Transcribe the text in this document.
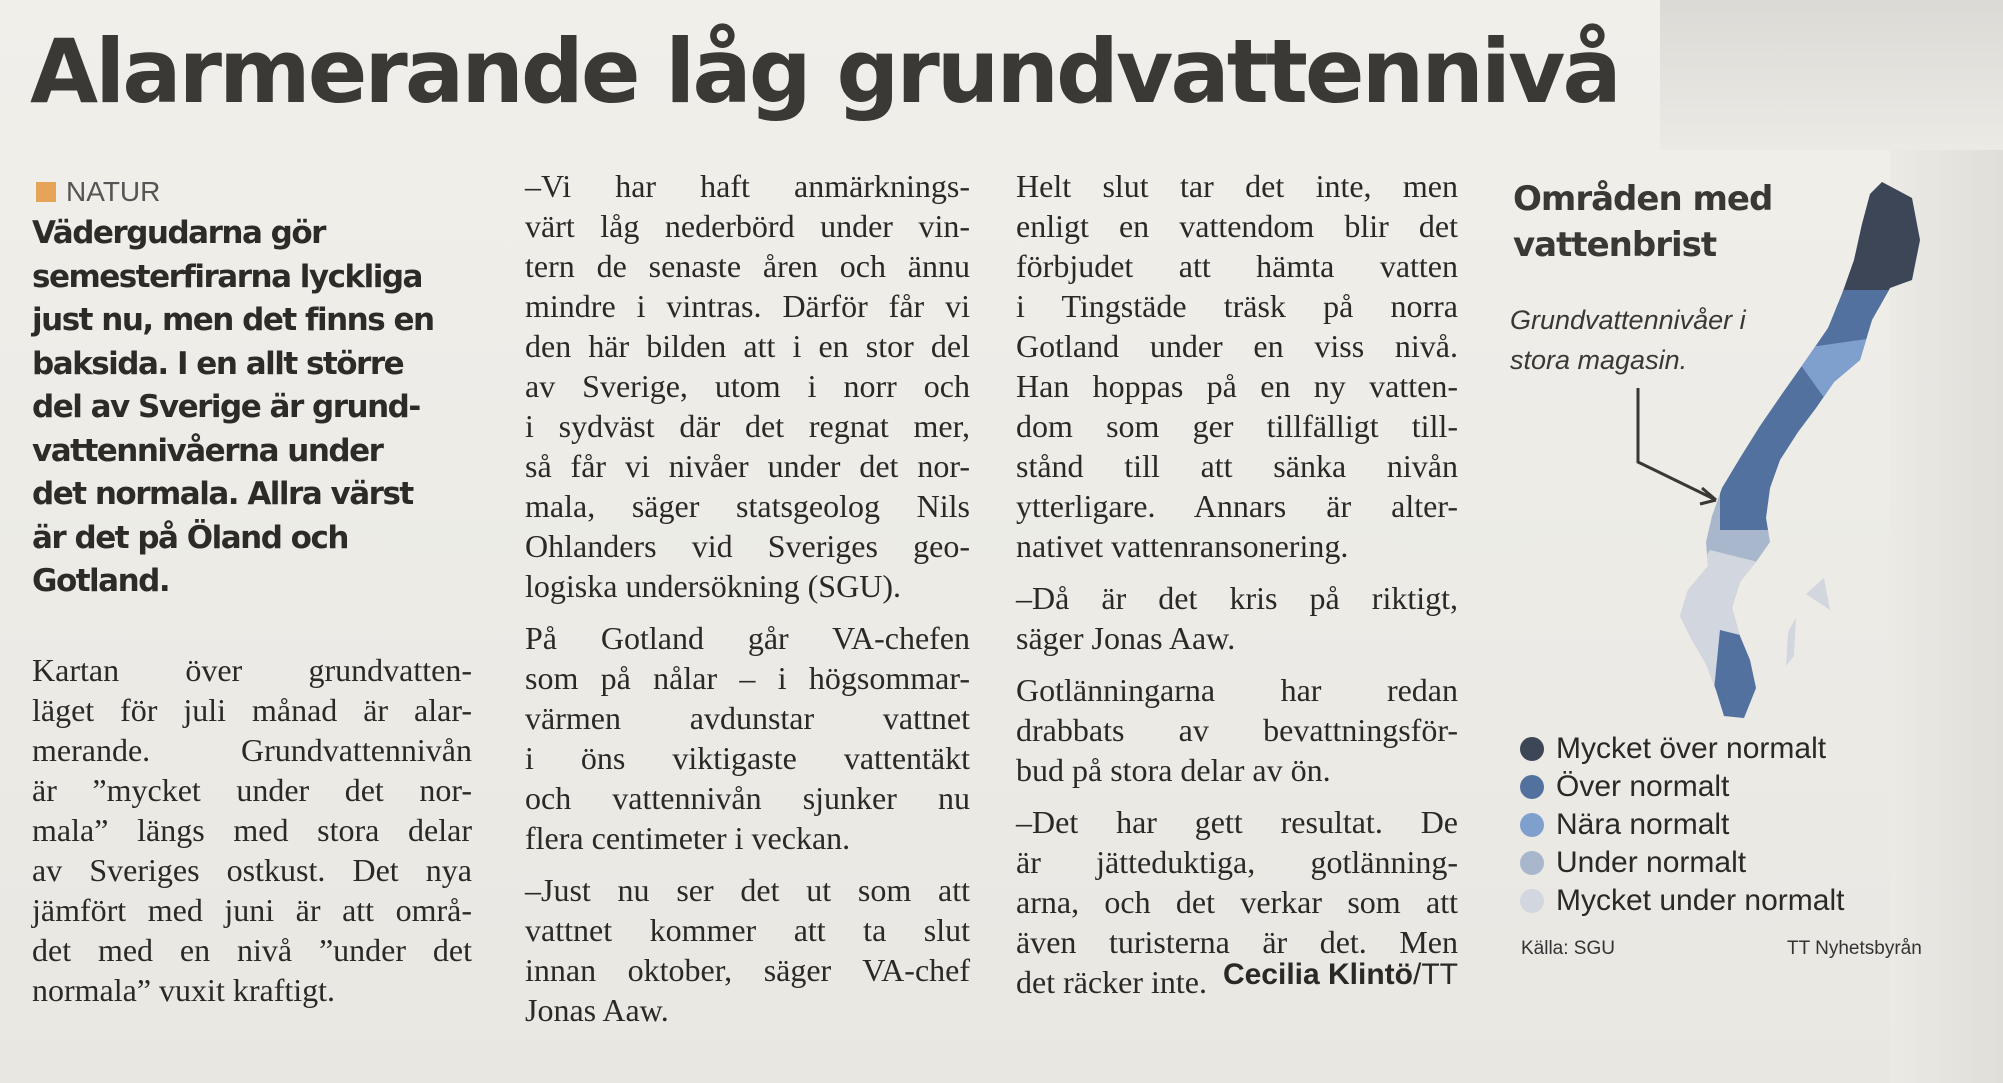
Alarmerande låg grundvattennivå
NATUR
Vädergudarna gör
semesterfirarna lyckliga
just nu, men det finns en
baksida. I en allt större
del av Sverige är grund-
vattennivåerna under
det normala. Allra värst
är det på Öland och
Gotland.
Kartan över grundvatten-
läget för juli månad är alar-
merande. Grundvattennivån
är ”mycket under det nor-
mala” längs med stora delar
av Sveriges ostkust. Det nya
jämfört med juni är att områ-
det med en nivå ”under det
normala” vuxit kraftigt.
–Vi har haft anmärknings-
värt låg nederbörd under vin-
tern de senaste åren och ännu
mindre i vintras. Därför får vi
den här bilden att i en stor del
av Sverige, utom i norr och
i sydväst där det regnat mer,
så får vi nivåer under det nor-
mala, säger statsgeolog Nils
Ohlanders vid Sveriges geo-
logiska undersökning (SGU).
På Gotland går VA-chefen
som på nålar – i högsommar-
värmen avdunstar vattnet
i öns viktigaste vattentäkt
och vattennivån sjunker nu
flera centimeter i veckan.
–Just nu ser det ut som att
vattnet kommer att ta slut
innan oktober, säger VA-chef
Jonas Aaw.
Helt slut tar det inte, men
enligt en vattendom blir det
förbjudet att hämta vatten
i Tingstäde träsk på norra
Gotland under en viss nivå.
Han hoppas på en ny vatten-
dom som ger tillfälligt till-
stånd till att sänka nivån
ytterligare. Annars är alter-
nativet vattenransonering.
–Då är det kris på riktigt,
säger Jonas Aaw.
Gotlänningarna har redan
drabbats av bevattningsför-
bud på stora delar av ön.
–Det har gett resultat. De
är jätteduktiga, gotlänning-
arna, och det verkar som att
även turisterna är det. Men
det räcker inte. Cecilia Klintö/TT
Områden med
vattenbrist
Grundvattennivåer i
stora magasin.
Mycket över normalt
Över normalt
Nära normalt
Under normalt
Mycket under normalt
Källa: SGU	TT Nyhetsbyrån
